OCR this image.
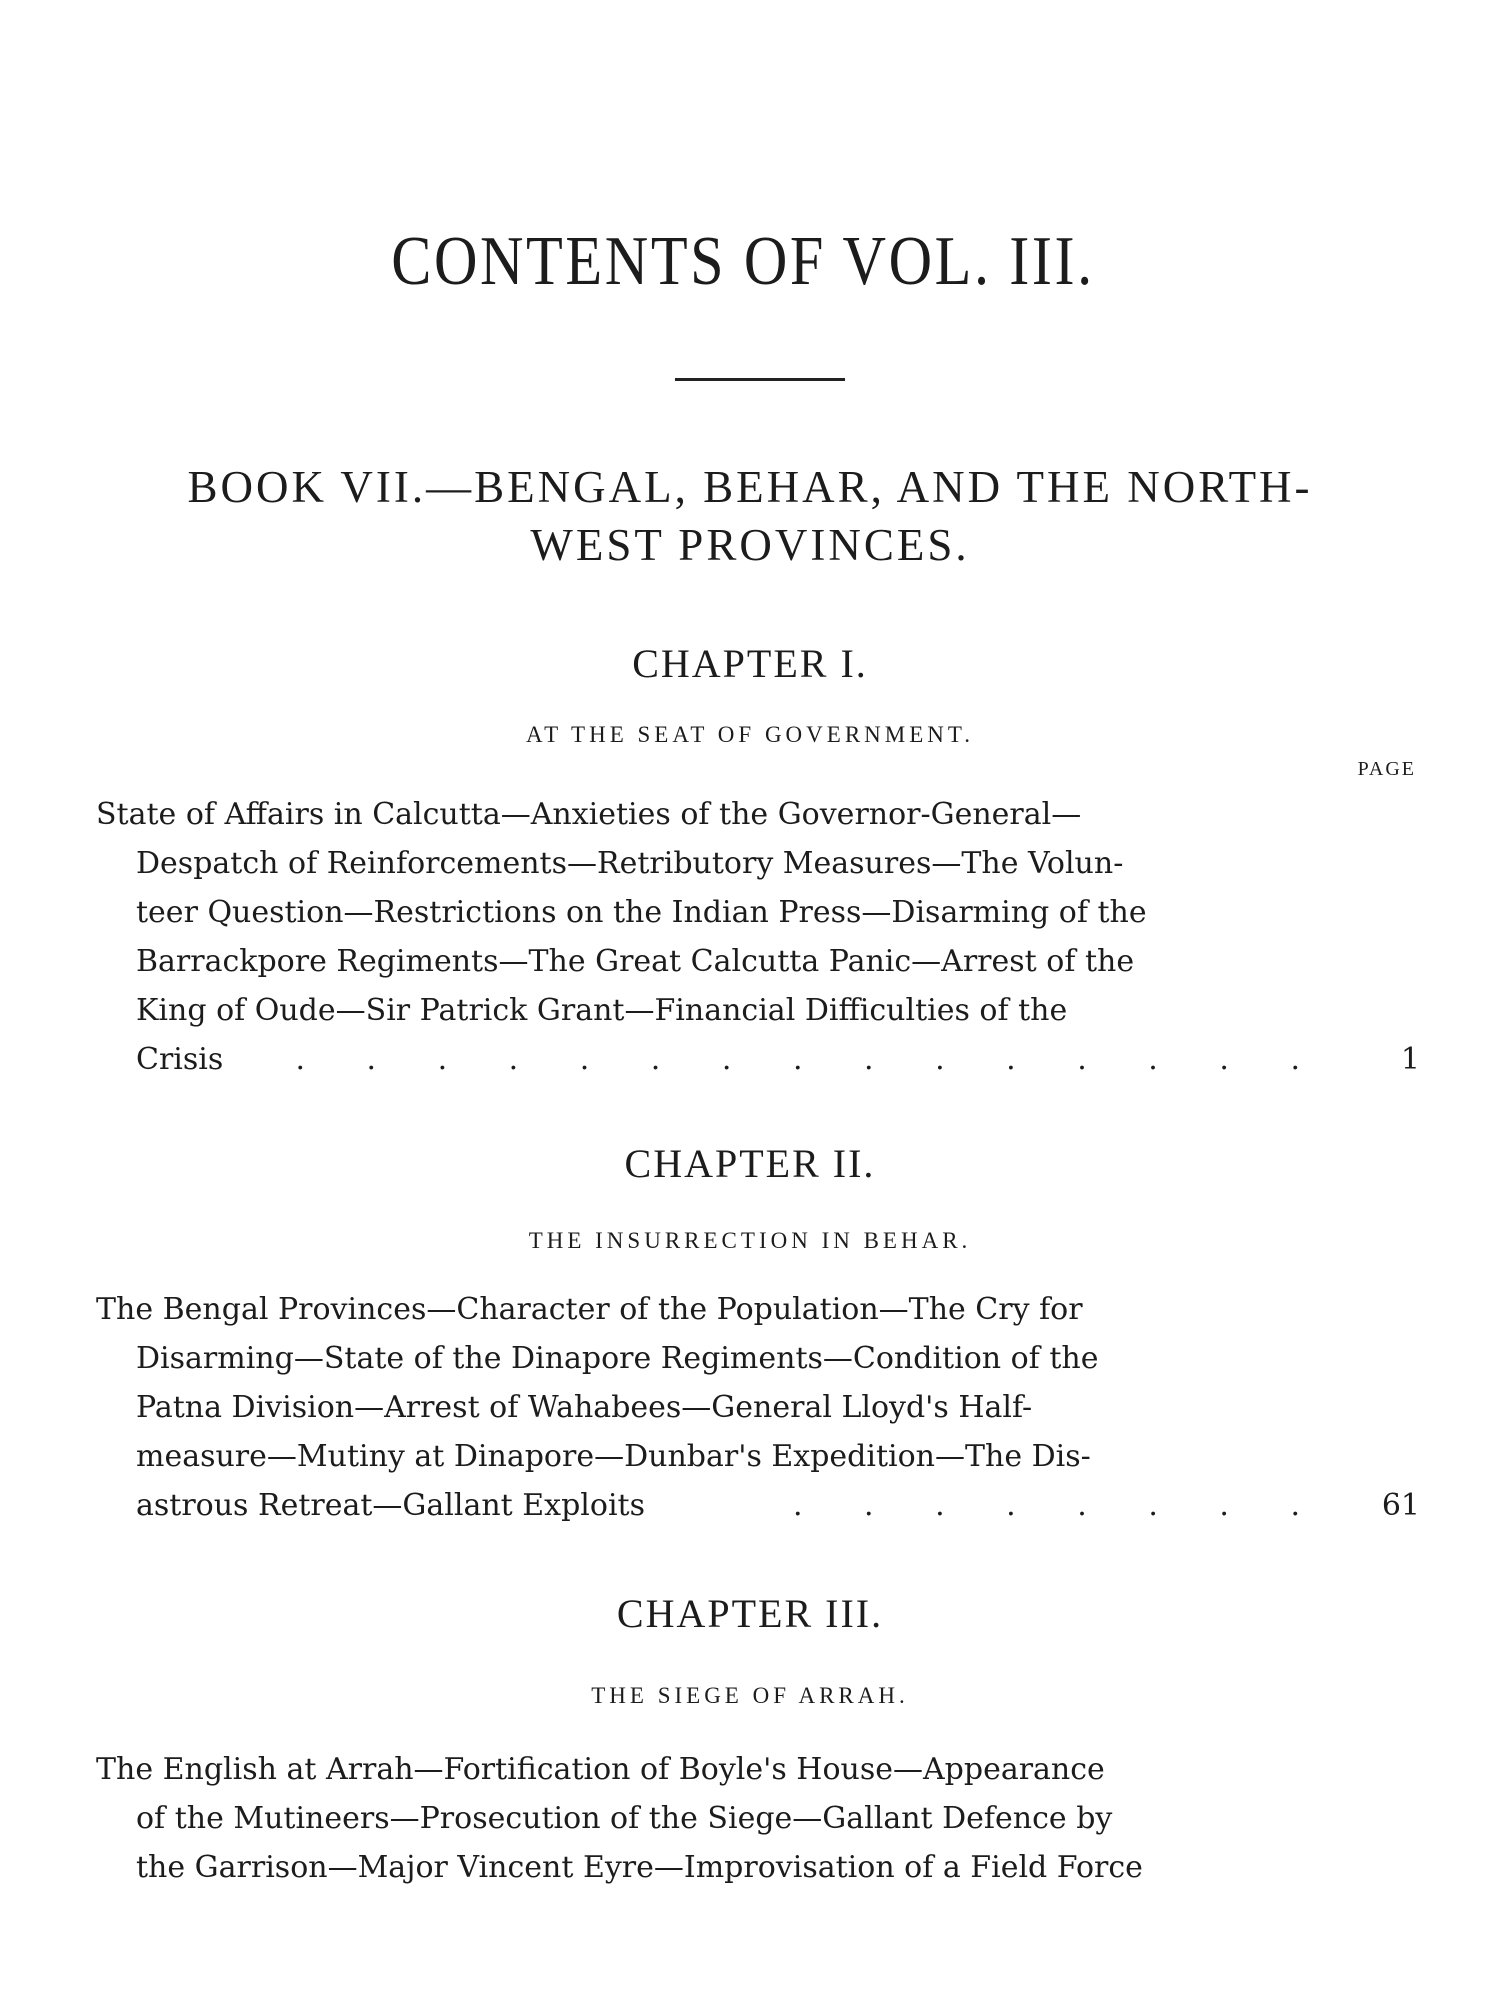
CONTENTS OF VOL. III.
BOOK VII.—BENGAL, BEHAR, AND THE NORTH-
WEST PROVINCES.
CHAPTER I.
AT THE SEAT OF GOVERNMENT.
PAGE
State of Affairs in Calcutta—Anxieties of the Governor-General—
Despatch of Reinforcements—Retributory Measures—The Volun-
teer Question—Restrictions on the Indian Press—Disarming of the
Barrackpore Regiments—The Great Calcutta Panic—Arrest of the
King of Oude—Sir Patrick Grant—Financial Difficulties of the
Crisis . . . . . . . . . . . . . . .	1
CHAPTER II.
THE INSURRECTION IN BEHAR.
The Bengal Provinces—Character of the Population—The Cry for
Disarming—State of the Dinapore Regiments—Condition of the
Patna Division—Arrest of Wahabees—General Lloyd's Half-
measure—Mutiny at Dinapore—Dunbar's Expedition—The Dis-
astrous Retreat—Gallant Exploits	. . . . . . . .	61
CHAPTER III.
THE SIEGE OF ARRAH.
The English at Arrah—Fortification of Boyle's House—Appearance
of the Mutineers—Prosecution of the Siege—Gallant Defence by
the Garrison—Major Vincent Eyre—Improvisation of a Field Force
